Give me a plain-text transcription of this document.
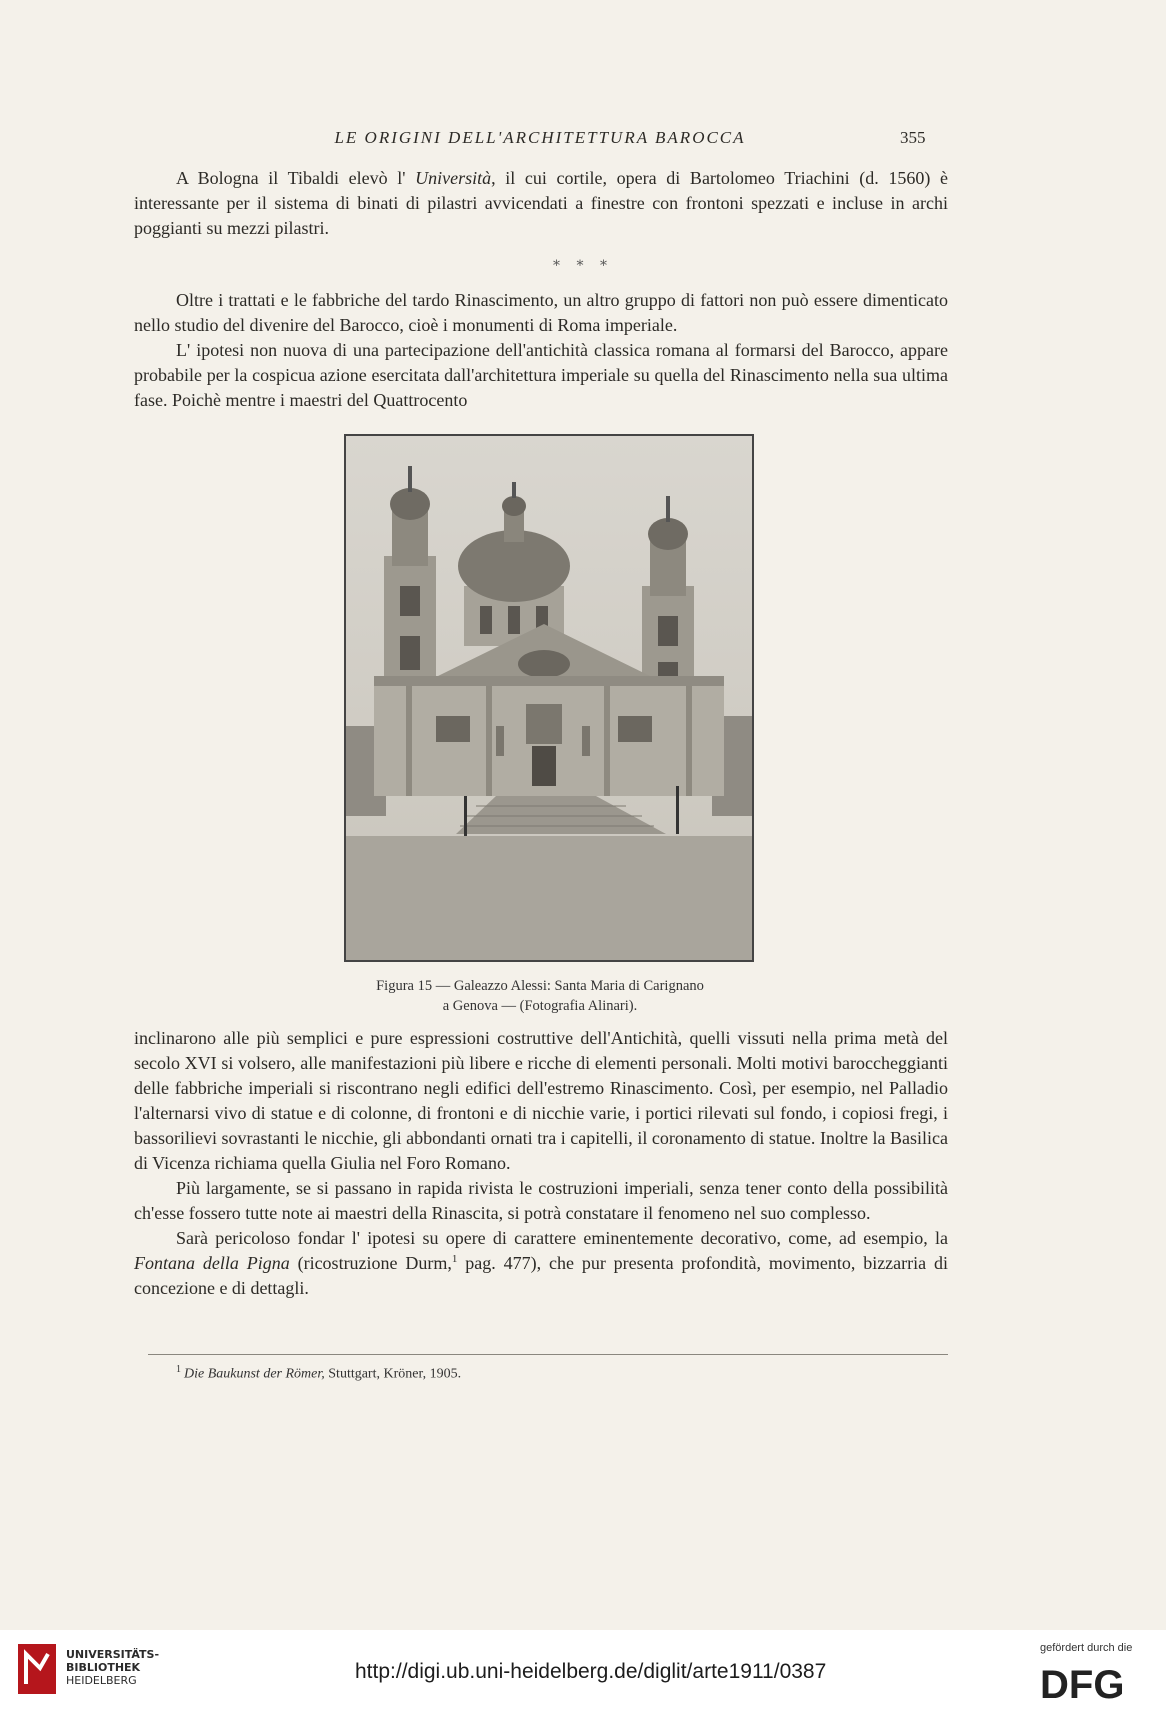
LE ORIGINI DELL'ARCHITETTURA BAROCCA	355

A Bologna il Tibaldi elevò l' Università, il cui cortile, opera di Bartolomeo Triachini (d. 1560) è interessante per il sistema di binati di pilastri avvicendati a finestre con frontoni spezzati e incluse in archi poggianti su mezzi pilastri.

* * *

Oltre i trattati e le fabbriche del tardo Rinascimento, un altro gruppo di fattori non può essere dimenticato nello studio del divenire del Barocco, cioè i monumenti di Roma imperiale.

L' ipotesi non nuova di una partecipazione dell'antichità classica romana al formarsi del Barocco, appare probabile per la cospicua azione esercitata dall'architettura imperiale su quella del Rinascimento nella sua ultima fase. Poichè mentre i maestri del Quattrocento

Figura 15 — Galeazzo Alessi: Santa Maria di Carignano
a Genova — (Fotografia Alinari).

inclinarono alle più semplici e pure espressioni costruttive dell'Antichità, quelli vissuti nella prima metà del secolo XVI si volsero, alle manifestazioni più libere e ricche di elementi personali. Molti motivi baroccheggianti delle fabbriche imperiali si riscontrano negli edifici dell'estremo Rinascimento. Così, per esempio, nel Palladio l'alternarsi vivo di statue e di colonne, di frontoni e di nicchie varie, i portici rilevati sul fondo, i copiosi fregi, i bassorilievi sovrastanti le nicchie, gli abbondanti ornati tra i capitelli, il coronamento di statue. Inoltre la Basilica di Vicenza richiama quella Giulia nel Foro Romano.

Più largamente, se si passano in rapida rivista le costruzioni imperiali, senza tener conto della possibilità ch'esse fossero tutte note ai maestri della Rinascita, si potrà constatare il fenomeno nel suo complesso.

Sarà pericoloso fondar l' ipotesi su opere di carattere eminentemente decorativo, come, ad esempio, la Fontana della Pigna (ricostruzione Durm,$^1$ pag. 477), che pur presenta profondità, movimento, bizzarria di concezione e di dettagli.

$^1$ Die Baukunst der Römer, Stuttgart, Kröner, 1905.
UNIVERSITÄTS-
BIBLIOTHEK
HEIDELBERG	http://digi.ub.uni-heidelberg.de/diglit/arte1911/0387
gefördert durch die
DFG
